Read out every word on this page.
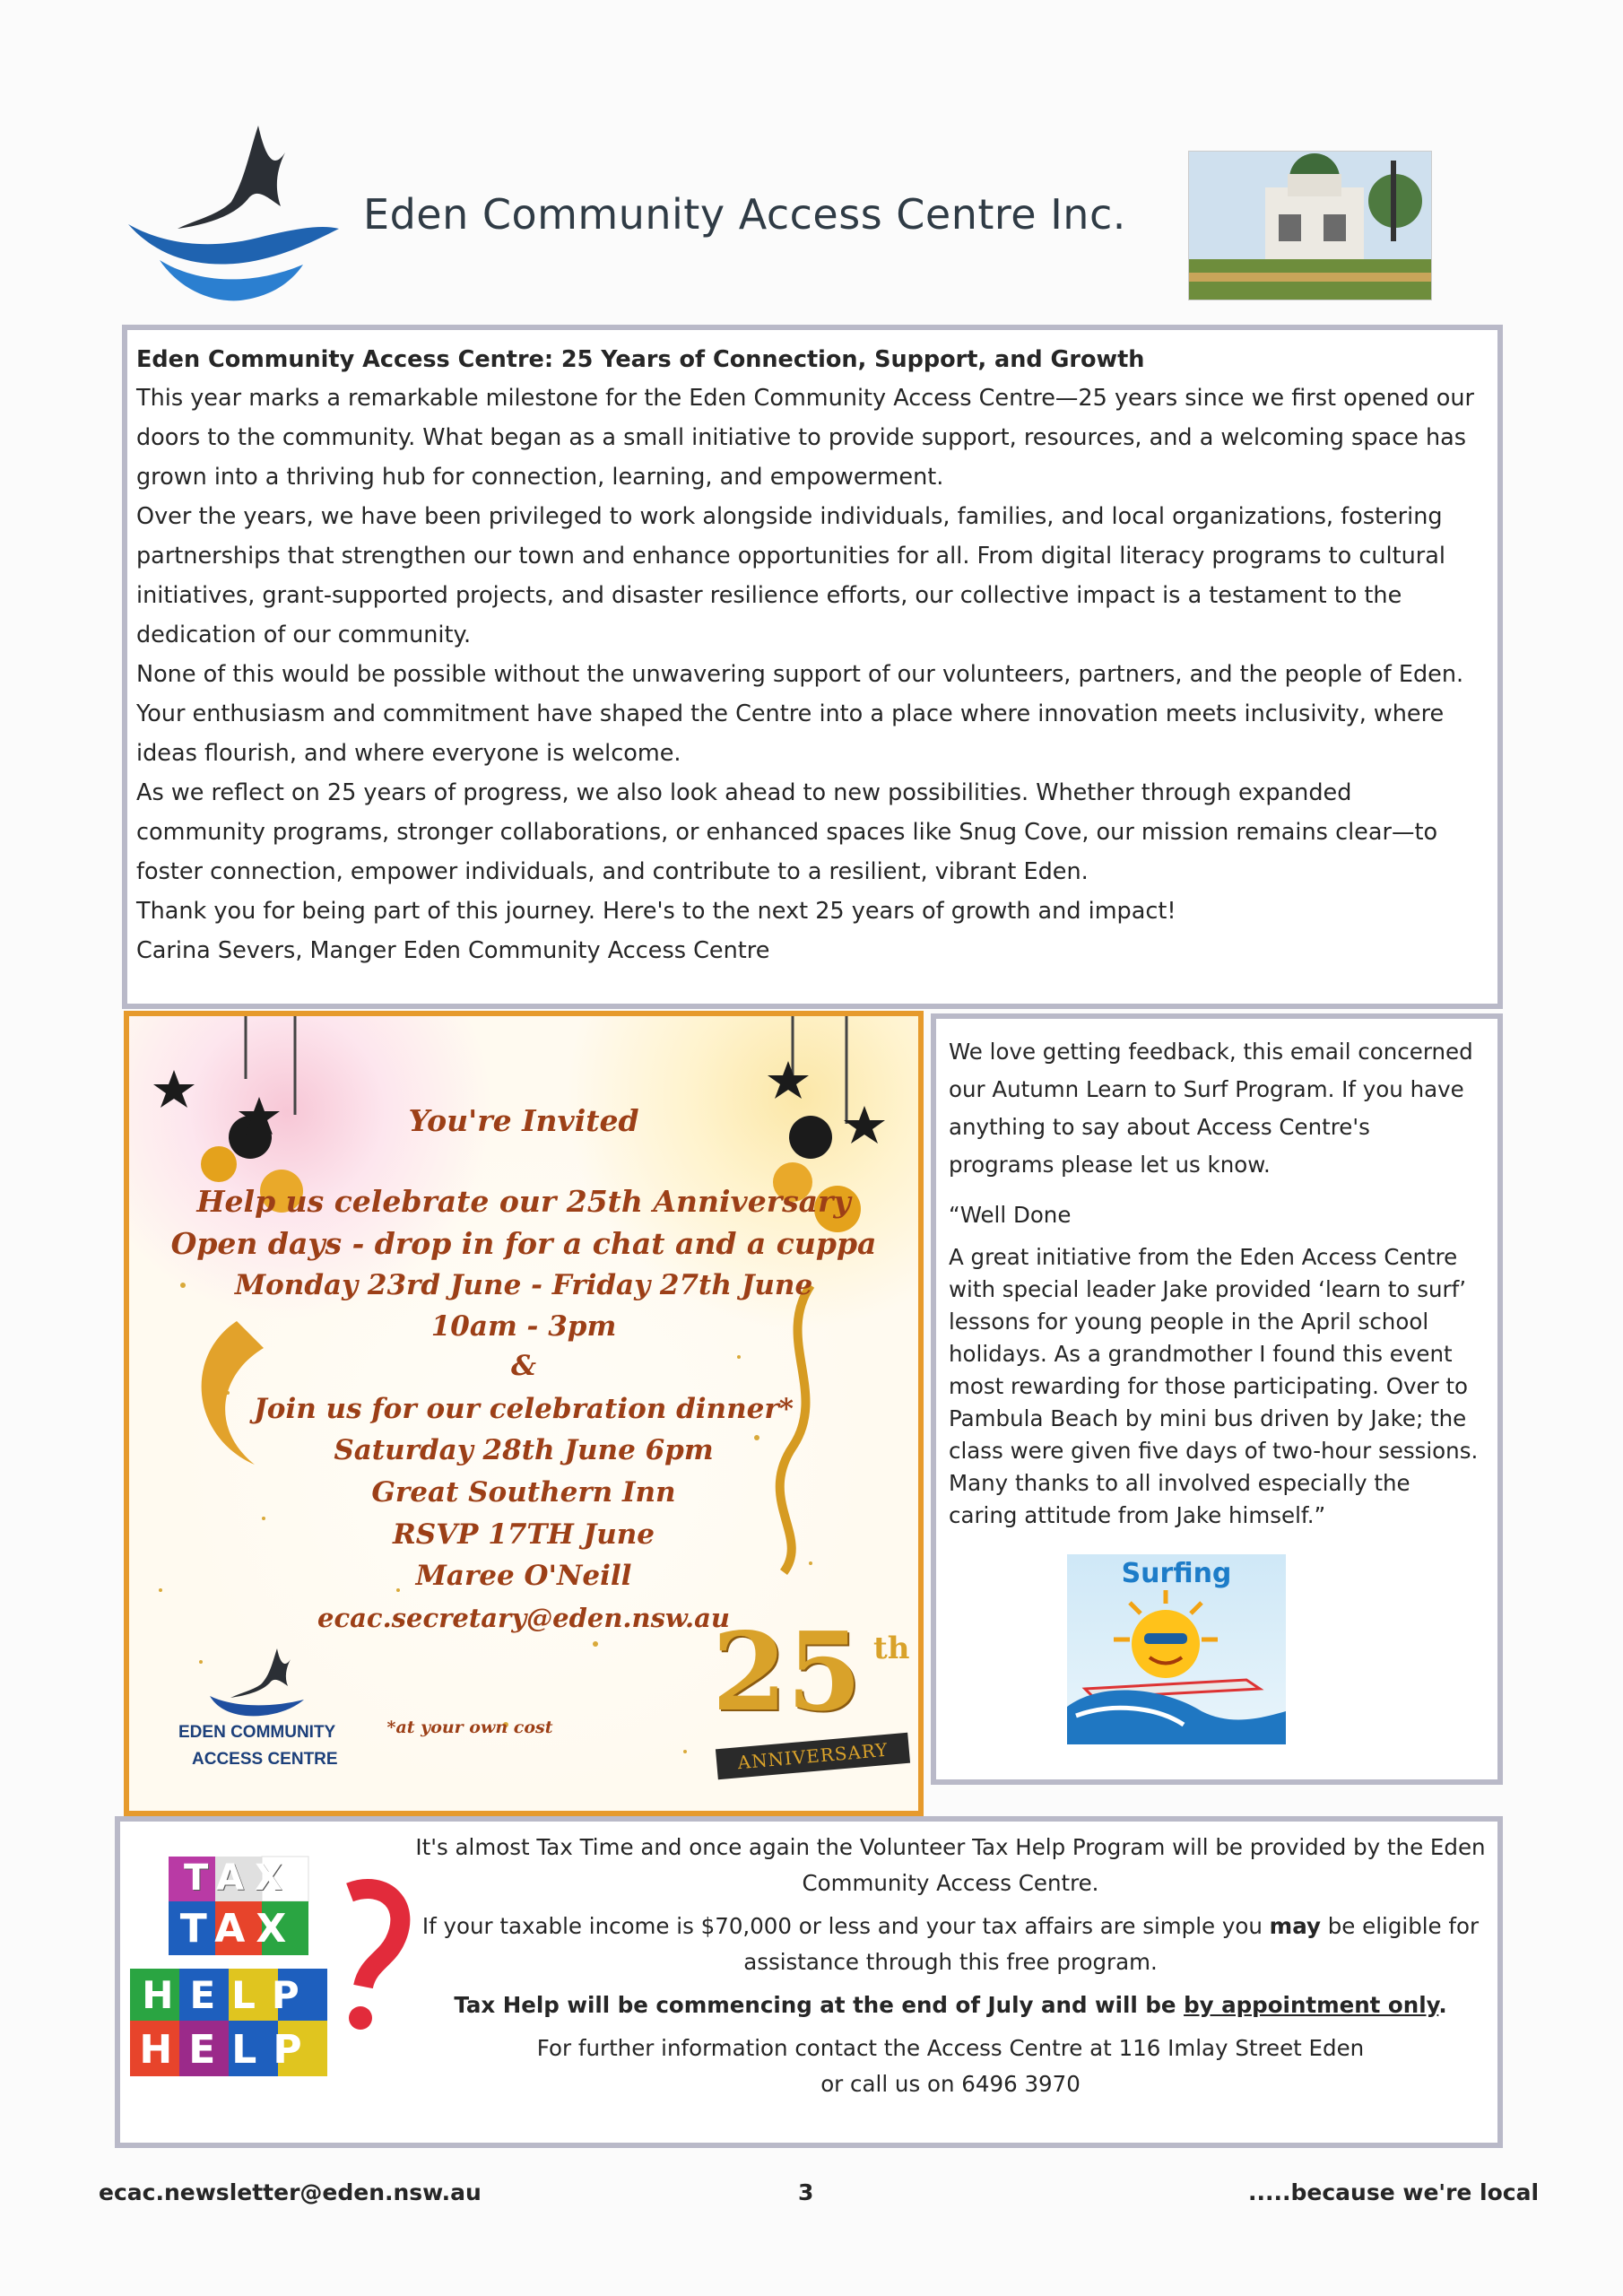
Eden Community Access Centre Inc.
Eden Community Access Centre: 25 Years of Connection, Support, and Growth

This year marks a remarkable milestone for the Eden Community Access Centre—25 years since we first opened our doors to the community. What began as a small initiative to provide support, resources, and a welcoming space has grown into a thriving hub for connection, learning, and empowerment.

Over the years, we have been privileged to work alongside individuals, families, and local organizations, fostering partnerships that strengthen our town and enhance opportunities for all. From digital literacy programs to cultural initiatives, grant-supported projects, and disaster resilience efforts, our collective impact is a testament to the dedication of our community.

None of this would be possible without the unwavering support of our volunteers, partners, and the people of Eden. Your enthusiasm and commitment have shaped the Centre into a place where innovation meets inclusivity, where ideas flourish, and where everyone is welcome.

As we reflect on 25 years of progress, we also look ahead to new possibilities. Whether through expanded community programs, stronger collaborations, or enhanced spaces like Snug Cove, our mission remains clear—to foster connection, empower individuals, and contribute to a resilient, vibrant Eden.

Thank you for being part of this journey. Here's to the next 25 years of growth and impact!

Carina Severs, Manger Eden Community Access Centre

You're Invited
Help us celebrate our 25th Anniversary
Open days - drop in for a chat and a cuppa
Monday 23rd June - Friday 27th June
10am - 3pm
&
Join us for our celebration dinner*
Saturday 28th June 6pm
Great Southern Inn
RSVP 17TH June
Maree O'Neill
ecac.secretary@eden.nsw.au
*at your own cost
EDEN COMMUNITY
ACCESS CENTRE
25 th
ANNIVERSARY

We love getting feedback, this email concerned our Autumn Learn to Surf Program. If you have anything to say about Access Centre's programs please let us know.

“Well Done

A great initiative from the Eden Access Centre with special leader Jake provided ‘learn to surf’ lessons for young people in the April school holidays. As a grandmother I found this event most rewarding for those participating. Over to Pambula Beach by mini bus driven by Jake; the class were given five days of two-hour sessions. Many thanks to all involved especially the caring attitude from Jake himself.”

Surfing
TAX
TAX
HELP
HELP

It's almost Tax Time and once again the Volunteer Tax Help Program will be provided by the Eden Community Access Centre.

If your taxable income is $70,000 or less and your tax affairs are simple you may be eligible for assistance through this free program.

Tax Help will be commencing at the end of July and will be by appointment only.

For further information contact the Access Centre at 116 Imlay Street Eden

or call us on 6496 3970

ecac.newsletter@eden.nsw.au	3	.....because we're local
